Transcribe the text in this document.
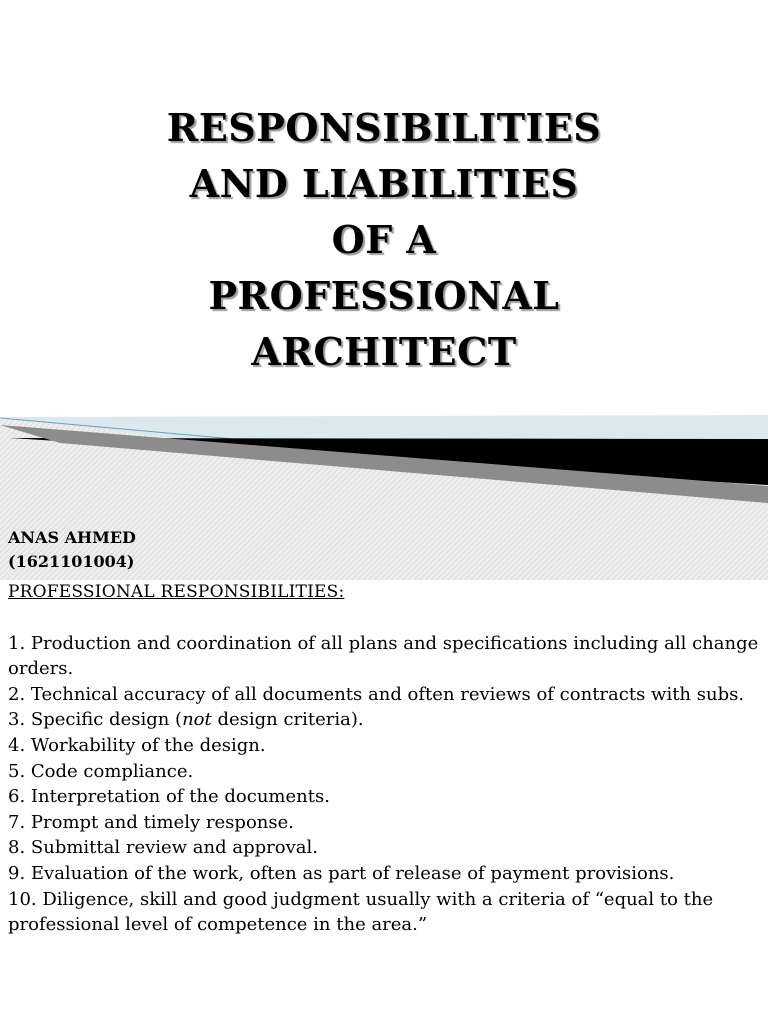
RESPONSIBILITIES
AND LIABILITIES
OF A
PROFESSIONAL
ARCHITECT
ANAS AHMED
(1621101004)
PROFESSIONAL RESPONSIBILITIES:
1. Production and coordination of all plans and specifications including all change orders.
2. Technical accuracy of all documents and often reviews of contracts with subs.
3. Specific design (not design criteria).
4. Workability of the design.
5. Code compliance.
6. Interpretation of the documents.
7. Prompt and timely response.
8. Submittal review and approval.
9. Evaluation of the work, often as part of release of payment provisions.
10. Diligence, skill and good judgment usually with a criteria of “equal to the professional level of competence in the area.”
